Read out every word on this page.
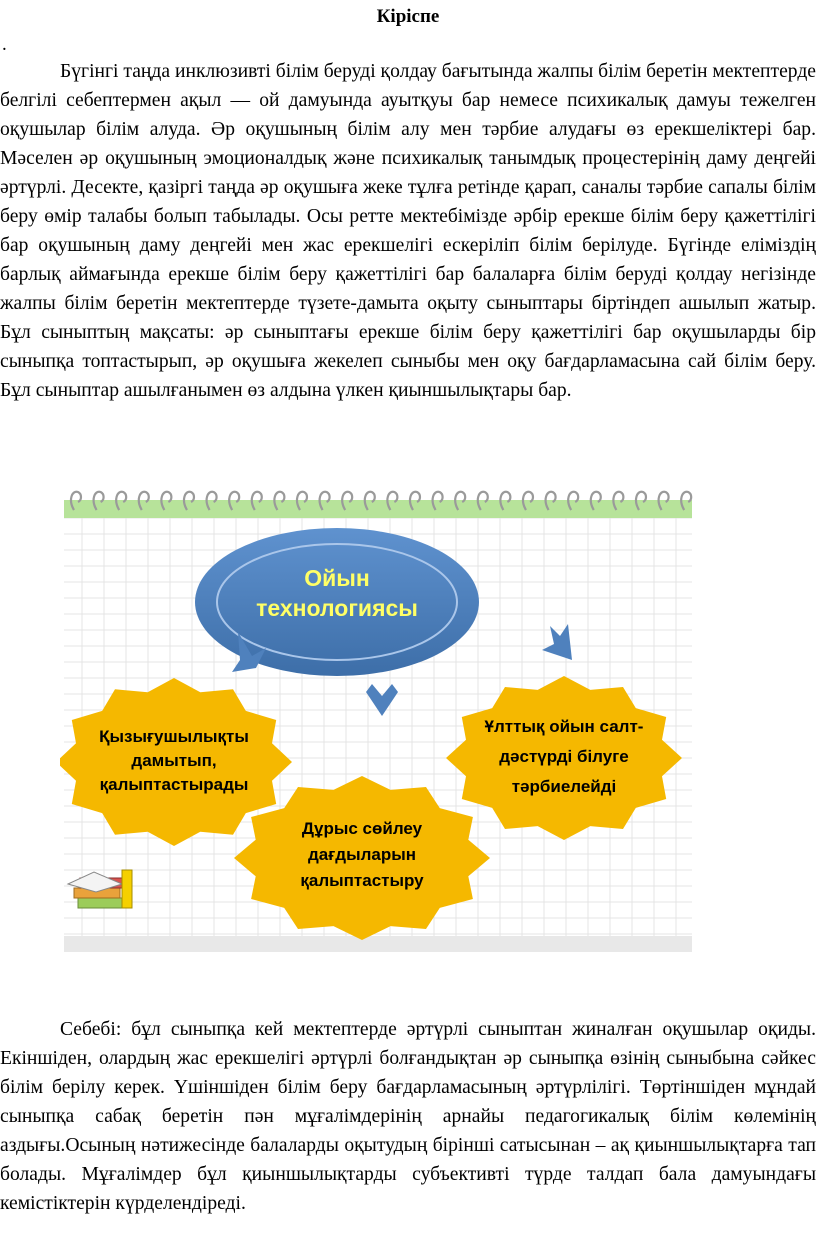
Кіріспе
.

Бүгінгі таңда инклюзивті білім беруді қолдау бағытында жалпы білім беретін мектептерде белгілі себептермен ақыл — ой дамуында ауытқуы бар немесе психикалық дамуы тежелген оқушылар білім алуда. Әр оқушының білім алу мен тәрбие алудағы өз ерекшеліктері бар. Мәселен әр оқушының эмоционалдық және психикалық танымдық процестерінің даму деңгейі әртүрлі. Десекте, қазіргі таңда әр оқушыға жеке тұлға ретінде қарап, саналы тәрбие сапалы білім беру өмір талабы болып табылады. Осы ретте мектебімізде әрбір ерекше білім беру қажеттілігі бар оқушының даму деңгейі мен жас ерекшелігі ескеріліп білім берілуде. Бүгінде еліміздің барлық аймағында ерекше білім беру қажеттілігі бар балаларға білім беруді қолдау негізінде жалпы білім беретін мектептерде түзете-дамыта оқыту сыныптары біртіндеп ашылып жатыр. Бұл сыныптың мақсаты: әр сыныптағы ерекше білім беру қажеттілігі бар оқушыларды бір сыныпқа топтастырып, әр оқушыға жекелеп сыныбы мен оқу бағдарламасына сай білім беру. Бұл сыныптар ашылғанымен өз алдына үлкен қиыншылықтары бар.

Ойын
технологиясы
Қызығушылықты
дамытып,
қалыптастырады
Ұлттық ойын салт-
дәстүрді білуге
тәрбиелейді
Дұрыс сөйлеу
дағдыларын
қалыптастыру

Себебі: бұл сыныпқа кей мектептерде әртүрлі сыныптан жиналған оқушылар оқиды. Екіншіден, олардың жас ерекшелігі әртүрлі болғандықтан әр сыныпқа өзінің сыныбына сәйкес білім берілу керек. Үшіншіден білім беру бағдарламасының әртүрлілігі. Төртіншіден мұндай сыныпқа сабақ беретін пән мұғалімдерінің арнайы педагогикалық білім көлемінің аздығы.Осының нәтижесінде балаларды оқытудың бірінші сатысынан – ақ қиыншылықтарға тап болады. Мұғалімдер бұл қиыншылықтарды субъективті түрде талдап бала дамуындағы кемістіктерін күрделендіреді.
